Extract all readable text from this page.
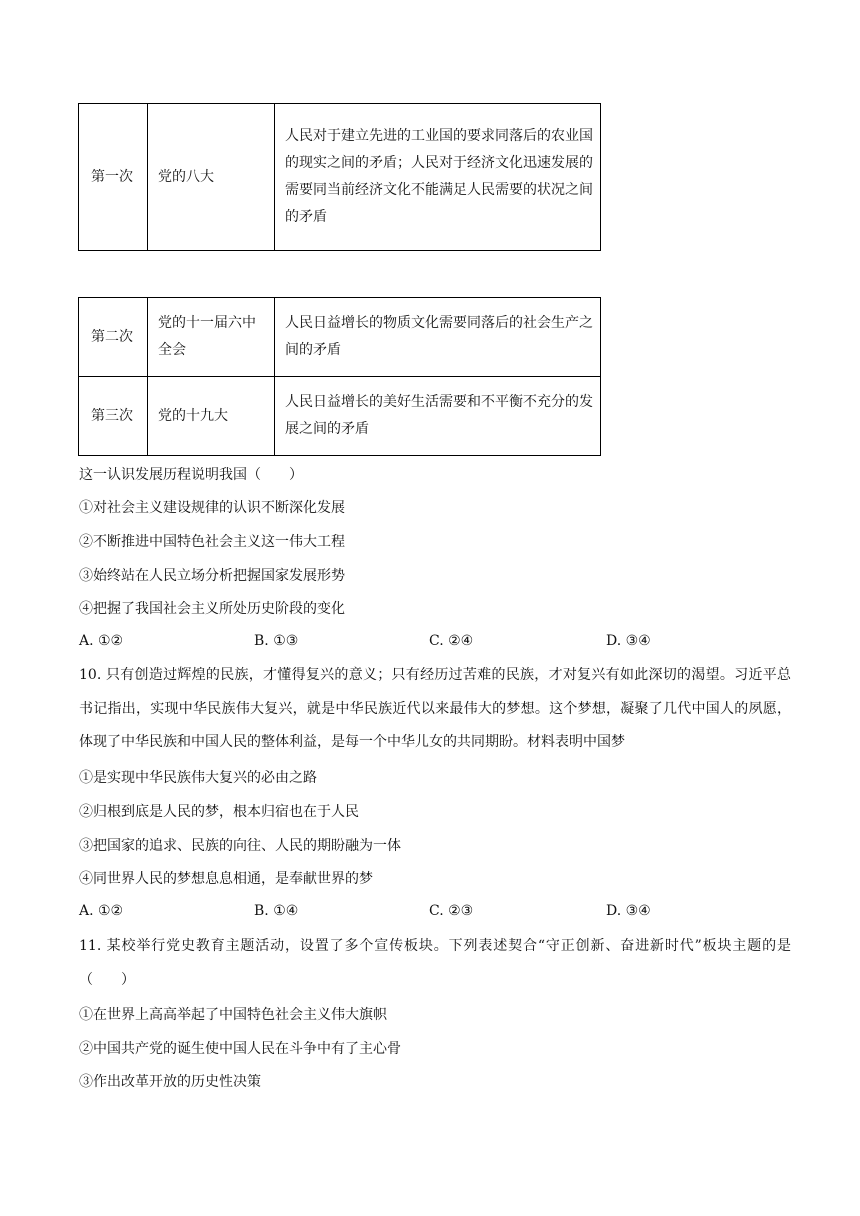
第一次	党的八大	人民对于建立先进的工业国的要求同落后的农业国的现实之间的矛盾；人民对于经济文化迅速发展的需要同当前经济文化不能满足人民需要的状况之间的矛盾
第二次	党的十一届六中全会	人民日益增长的物质文化需要同落后的社会生产之间的矛盾
第三次	党的十九大	人民日益增长的美好生活需要和不平衡不充分的发展之间的矛盾
这一认识发展历程说明我国（　　）
①对社会主义建设规律的认识不断深化发展
②不断推进中国特色社会主义这一伟大工程
③始终站在人民立场分析把握国家发展形势
④把握了我国社会主义所处历史阶段的变化
A. ①②	B. ①③	C. ②④	D. ③④
10. 只有创造过辉煌的民族，才懂得复兴的意义；只有经历过苦难的民族，才对复兴有如此深切的渴望。习近平总书记指出，实现中华民族伟大复兴，就是中华民族近代以来最伟大的梦想。这个梦想，凝聚了几代中国人的夙愿，体现了中华民族和中国人民的整体利益，是每一个中华儿女的共同期盼。材料表明中国梦
①是实现中华民族伟大复兴的必由之路
②归根到底是人民的梦，根本归宿也在于人民
③把国家的追求、民族的向往、人民的期盼融为一体
④同世界人民的梦想息息相通，是奉献世界的梦
A. ①②	B. ①④	C. ②③	D. ③④
11. 某校举行党史教育主题活动，设置了多个宣传板块。下列表述契合“守正创新、奋进新时代”板块主题的是（　　）
①在世界上高高举起了中国特色社会主义伟大旗帜
②中国共产党的诞生使中国人民在斗争中有了主心骨
③作出改革开放的历史性决策
